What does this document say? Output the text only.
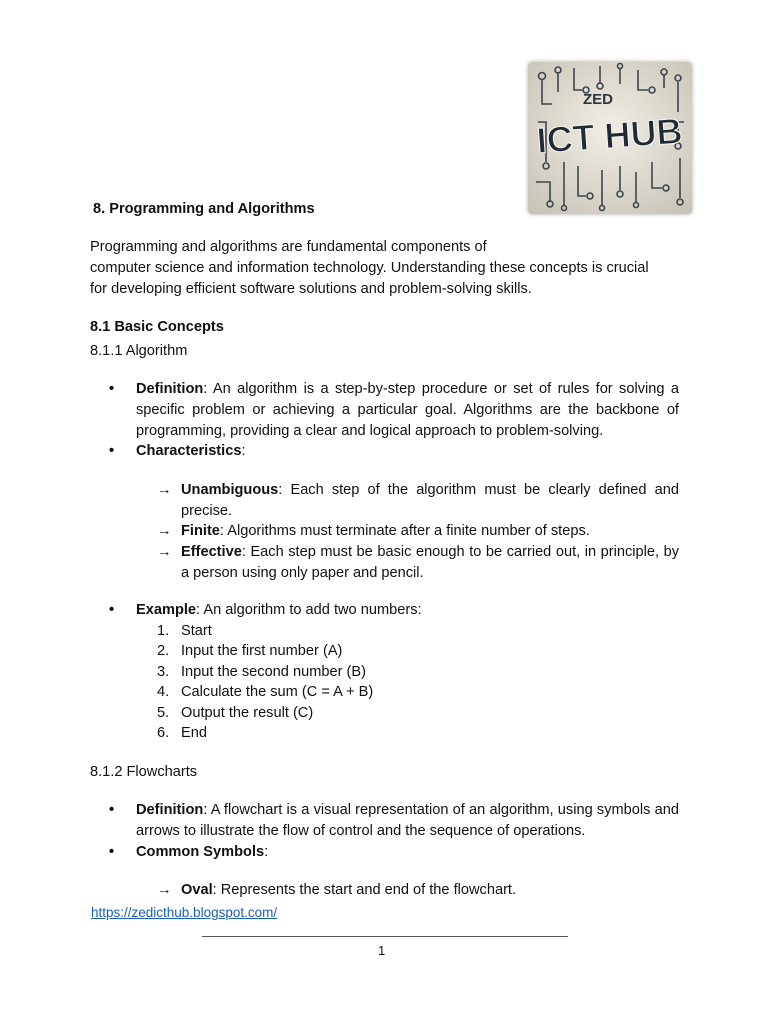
ZED
ICT HUB
8. Programming and Algorithms
Programming and algorithms are fundamental components of
computer science and information technology. Understanding these concepts is crucial
for developing efficient software solutions and problem-solving skills.
8.1 Basic Concepts
8.1.1 Algorithm
• Definition: An algorithm is a step-by-step procedure or set of rules for solving a specific problem or achieving a particular goal. Algorithms are the backbone of programming, providing a clear and logical approach to problem-solving.
• Characteristics:
→ Unambiguous: Each step of the algorithm must be clearly defined and precise.
→ Finite: Algorithms must terminate after a finite number of steps.
→ Effective: Each step must be basic enough to be carried out, in principle, by a person using only paper and pencil.
• Example: An algorithm to add two numbers:
1. Start
2. Input the first number (A)
3. Input the second number (B)
4. Calculate the sum (C = A + B)
5. Output the result (C)
6. End
8.1.2 Flowcharts
• Definition: A flowchart is a visual representation of an algorithm, using symbols and arrows to illustrate the flow of control and the sequence of operations.
• Common Symbols:
→ Oval: Represents the start and end of the flowchart.
https://zedicthub.blogspot.com/
1
